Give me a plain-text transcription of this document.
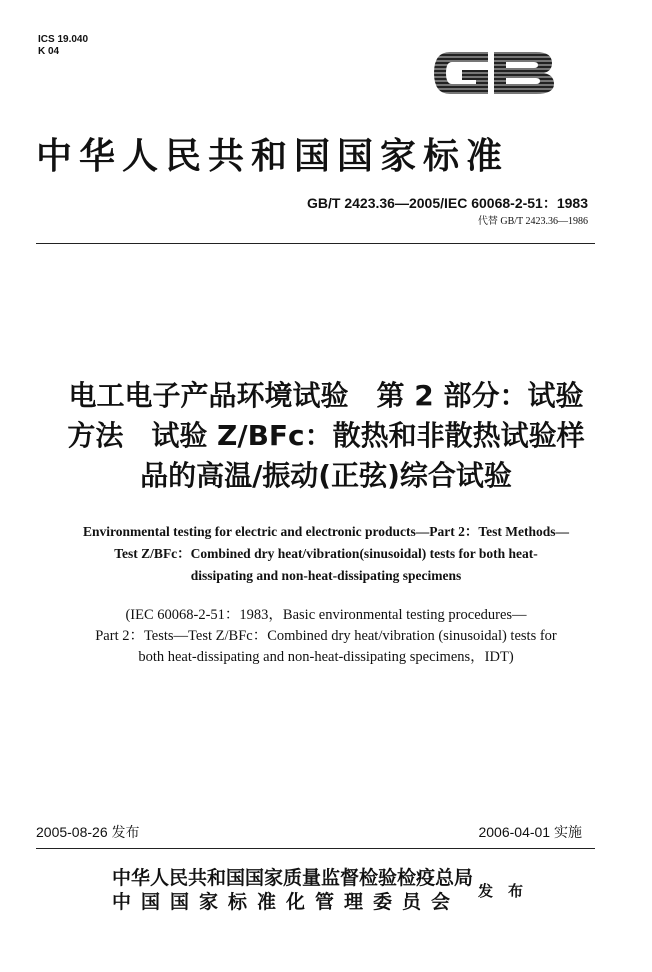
ICS 19.040
K 04
中华人民共和国国家标准
GB/T 2423.36—2005/IEC 60068-2-51：1983
代替 GB/T 2423.36—1986
电工电子产品环境试验　第 2 部分：试验
方法　试验 Z/BFc：散热和非散热试验样
品的高温/振动(正弦)综合试验
Environmental testing for electric and electronic products—Part 2：Test Methods—
Test Z/BFc：Combined dry heat/vibration(sinusoidal) tests for both heat-
dissipating and non-heat-dissipating specimens
(IEC 60068-2-51：1983，Basic environmental testing procedures—
Part 2：Tests—Test Z/BFc：Combined dry heat/vibration (sinusoidal) tests for
both heat-dissipating and non-heat-dissipating specimens，IDT)
2005-08-26 发布	2006-04-01 实施
中华人民共和国国家质量监督检验检疫总局
中国国家标准化管理委员会	发　布
